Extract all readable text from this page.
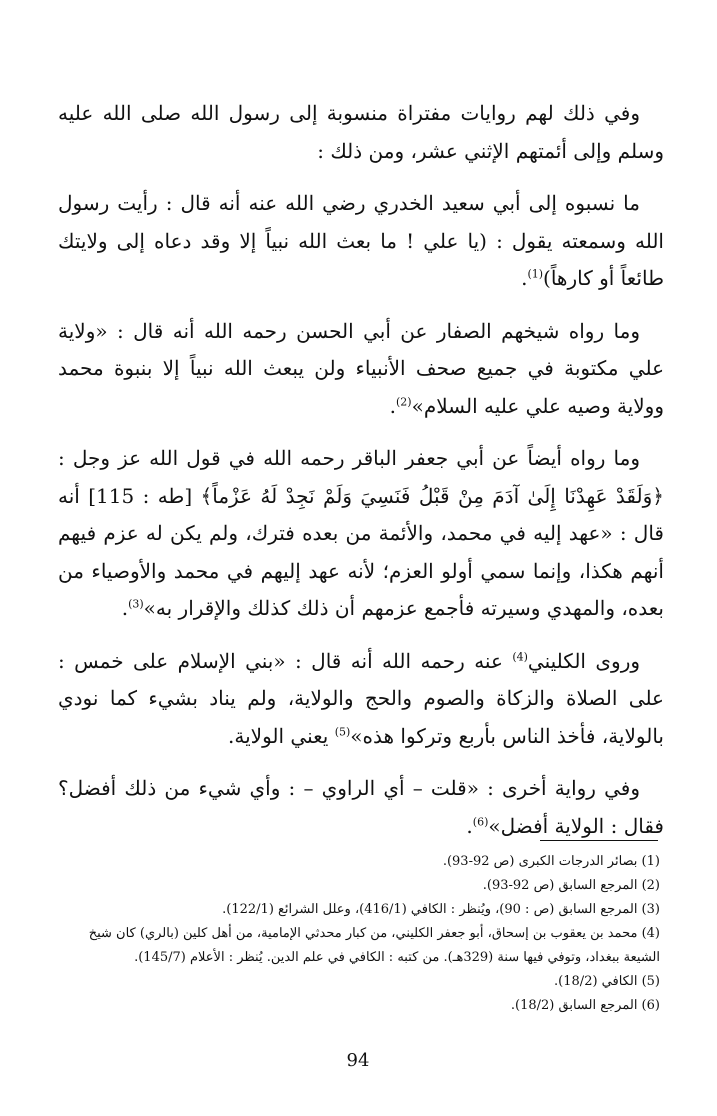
وفي ذلك لهم روايات مفتراة منسوبة إلى رسول الله صلى الله عليه وسلم وإلى أئمتهم الإثني عشر، ومن ذلك :

ما نسبوه إلى أبي سعيد الخدري رضي الله عنه أنه قال : رأيت رسول الله وسمعته يقول : (يا علي ! ما بعث الله نبياً إلا وقد دعاه إلى ولايتك طائعاً أو كارهاً)$^{(1)}$.

وما رواه شيخهم الصفار عن أبي الحسن رحمه الله أنه قال : «ولاية علي مكتوبة في جميع صحف الأنبياء ولن يبعث الله نبياً إلا بنبوة محمد وولاية وصيه علي عليه السلام»$^{(2)}$.

وما رواه أيضاً عن أبي جعفر الباقر رحمه الله في قول الله عز وجل : ﴿وَلَقَدْ عَهِدْنَا إِلَىٰ آدَمَ مِنْ قَبْلُ فَنَسِيَ وَلَمْ نَجِدْ لَهُ عَزْماً﴾ [طه : 115] أنه قال : «عهد إليه في محمد، والأئمة من بعده فترك، ولم يكن له عزم فيهم أنهم هكذا، وإنما سمي أولو العزم؛ لأنه عهد إليهم في محمد والأوصياء من بعده، والمهدي وسيرته فأجمع عزمهم أن ذلك كذلك والإقرار به»$^{(3)}$.

وروى الكليني$^{(4)}$ عنه رحمه الله أنه قال : «بني الإسلام على خمس : على الصلاة والزكاة والصوم والحج والولاية، ولم يناد بشيء كما نودي بالولاية، فأخذ الناس بأربع وتركوا هذه»$^{(5)}$ يعني الولاية.

وفي رواية أخرى : «قلت – أي الراوي – : وأي شيء من ذلك أفضل؟ فقال : الولاية أفضل»$^{(6)}$.

(1) بصائر الدرجات الكبرى (ص 92-93).

(2) المرجع السابق (ص 92-93).

(3) المرجع السابق (ص : 90)، ويُنظر : الكافي (416/1)، وعلل الشرائع (122/1).

(4) محمد بن يعقوب بن إسحاق، أبو جعفر الكليني، من كبار محدثي الإمامية، من أهل كلين (بالري) كان شيخ الشيعة ببغداد، وتوفي فيها سنة (329هـ). من كتبه : الكافي في علم الدين. يُنظر : الأعلام (145/7).

(5) الكافي (18/2).

(6) المرجع السابق (18/2).

94
